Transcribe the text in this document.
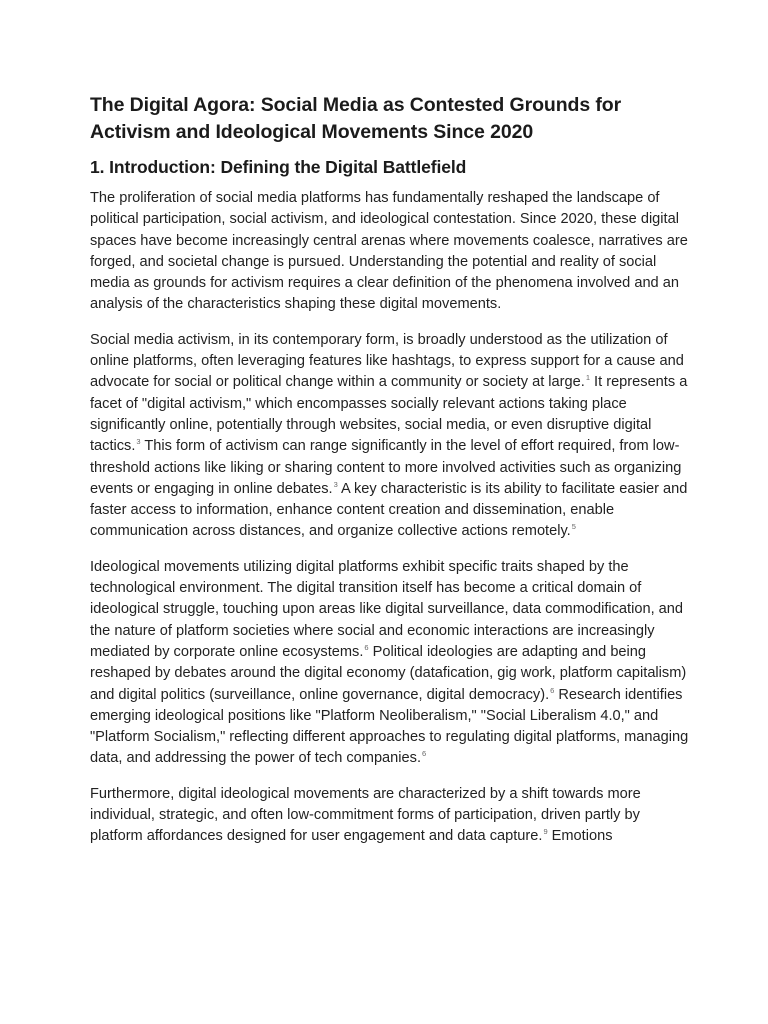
The Digital Agora: Social Media as Contested Grounds for Activism and Ideological Movements Since 2020
1. Introduction: Defining the Digital Battlefield

The proliferation of social media platforms has fundamentally reshaped the landscape of political participation, social activism, and ideological contestation. Since 2020, these digital spaces have become increasingly central arenas where movements coalesce, narratives are forged, and societal change is pursued. Understanding the potential and reality of social media as grounds for activism requires a clear definition of the phenomena involved and an analysis of the characteristics shaping these digital movements.

Social media activism, in its contemporary form, is broadly understood as the utilization of online platforms, often leveraging features like hashtags, to express support for a cause and advocate for social or political change within a community or society at large.$^1$ It represents a facet of "digital activism," which encompasses socially relevant actions taking place significantly online, potentially through websites, social media, or even disruptive digital tactics.$^3$ This form of activism can range significantly in the level of effort required, from low-threshold actions like liking or sharing content to more involved activities such as organizing events or engaging in online debates.$^3$ A key characteristic is its ability to facilitate easier and faster access to information, enhance content creation and dissemination, enable communication across distances, and organize collective actions remotely.$^5$

Ideological movements utilizing digital platforms exhibit specific traits shaped by the technological environment. The digital transition itself has become a critical domain of ideological struggle, touching upon areas like digital surveillance, data commodification, and the nature of platform societies where social and economic interactions are increasingly mediated by corporate online ecosystems.$^6$ Political ideologies are adapting and being reshaped by debates around the digital economy (datafication, gig work, platform capitalism) and digital politics (surveillance, online governance, digital democracy).$^6$ Research identifies emerging ideological positions like "Platform Neoliberalism," "Social Liberalism 4.0," and "Platform Socialism," reflecting different approaches to regulating digital platforms, managing data, and addressing the power of tech companies.$^6$

Furthermore, digital ideological movements are characterized by a shift towards more individual, strategic, and often low-commitment forms of participation, driven partly by platform affordances designed for user engagement and data capture.$^9$ Emotions
